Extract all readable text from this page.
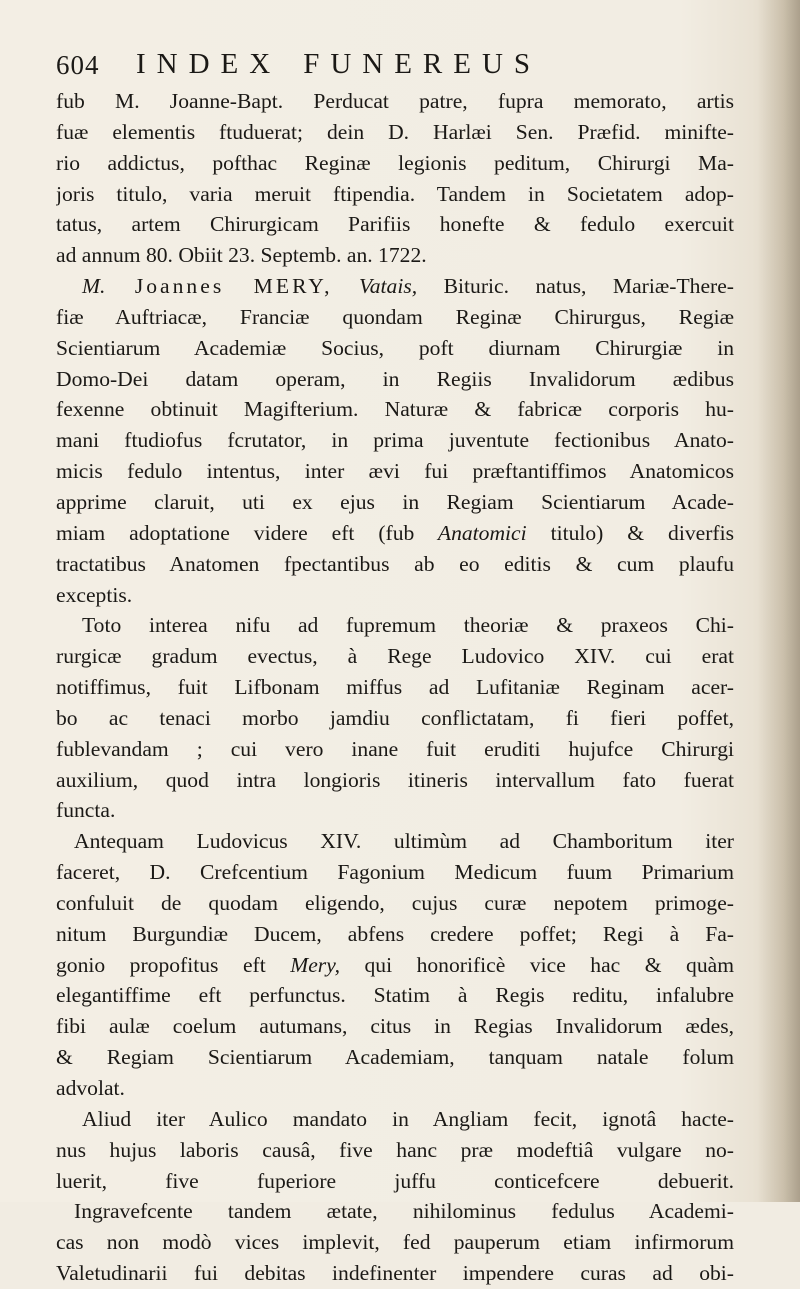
604 INDEX FUNEREUS
fub M. Joanne-Bapt. Perducat patre, fupra memorato, artis
fuæ elementis ftuduerat; dein D. Harlæi Sen. Præfid. minifte-
rio addictus, pofthac Reginæ legionis peditum, Chirurgi Ma-
joris titulo, varia meruit ftipendia. Tandem in Societatem adop-
tatus, artem Chirurgicam Parifiis honefte & fedulo exercuit
ad annum 80. Obiit 23. Septemb. an. 1722.
M. Joannes MERY, Vatais, Bituric. natus, Mariæ-There-
fiæ Auftriacæ, Franciæ quondam Reginæ Chirurgus, Regiæ
Scientiarum Academiæ Socius, poft diurnam Chirurgiæ in
Domo-Dei datam operam, in Regiis Invalidorum ædibus
fexenne obtinuit Magifterium. Naturæ & fabricæ corporis hu-
mani ftudiofus fcrutator, in prima juventute fectionibus Anato-
micis fedulo intentus, inter ævi fui præftantiffimos Anatomicos
apprime claruit, uti ex ejus in Regiam Scientiarum Acade-
miam adoptatione videre eft (fub Anatomici titulo) & diverfis
tractatibus Anatomen fpectantibus ab eo editis & cum plaufu
exceptis.
Toto interea nifu ad fupremum theoriæ & praxeos Chi-
rurgicæ gradum evectus, à Rege Ludovico XIV. cui erat
notiffimus, fuit Lifbonam miffus ad Lufitaniæ Reginam acer-
bo ac tenaci morbo jamdiu conflictatam, fi fieri poffet,
fublevandam ; cui vero inane fuit eruditi hujufce Chirurgi
auxilium, quod intra longioris itineris intervallum fato fuerat
functa.
Antequam Ludovicus XIV. ultimùm ad Chamboritum iter
faceret, D. Crefcentium Fagonium Medicum fuum Primarium
confuluit de quodam eligendo, cujus curæ nepotem primoge-
nitum Burgundiæ Ducem, abfens credere poffet; Regi à Fa-
gonio propofitus eft Mery, qui honorificè vice hac & quàm
elegantiffime eft perfunctus. Statim à Regis reditu, infalubre
fibi aulæ coelum autumans, citus in Regias Invalidorum ædes,
& Regiam Scientiarum Academiam, tanquam natale folum
advolat.
Aliud iter Aulico mandato in Angliam fecit, ignotâ hacte-
nus hujus laboris causâ, five hanc præ modeftiâ vulgare no-
luerit, five fuperiore juffu conticefcere debuerit.
Ingravefcente tandem ætate, nihilominus fedulus Academi-
cas non modò vices implevit, fed pauperum etiam infirmorum
Valetudinarii fui debitas indefinenter impendere curas ad obi-
